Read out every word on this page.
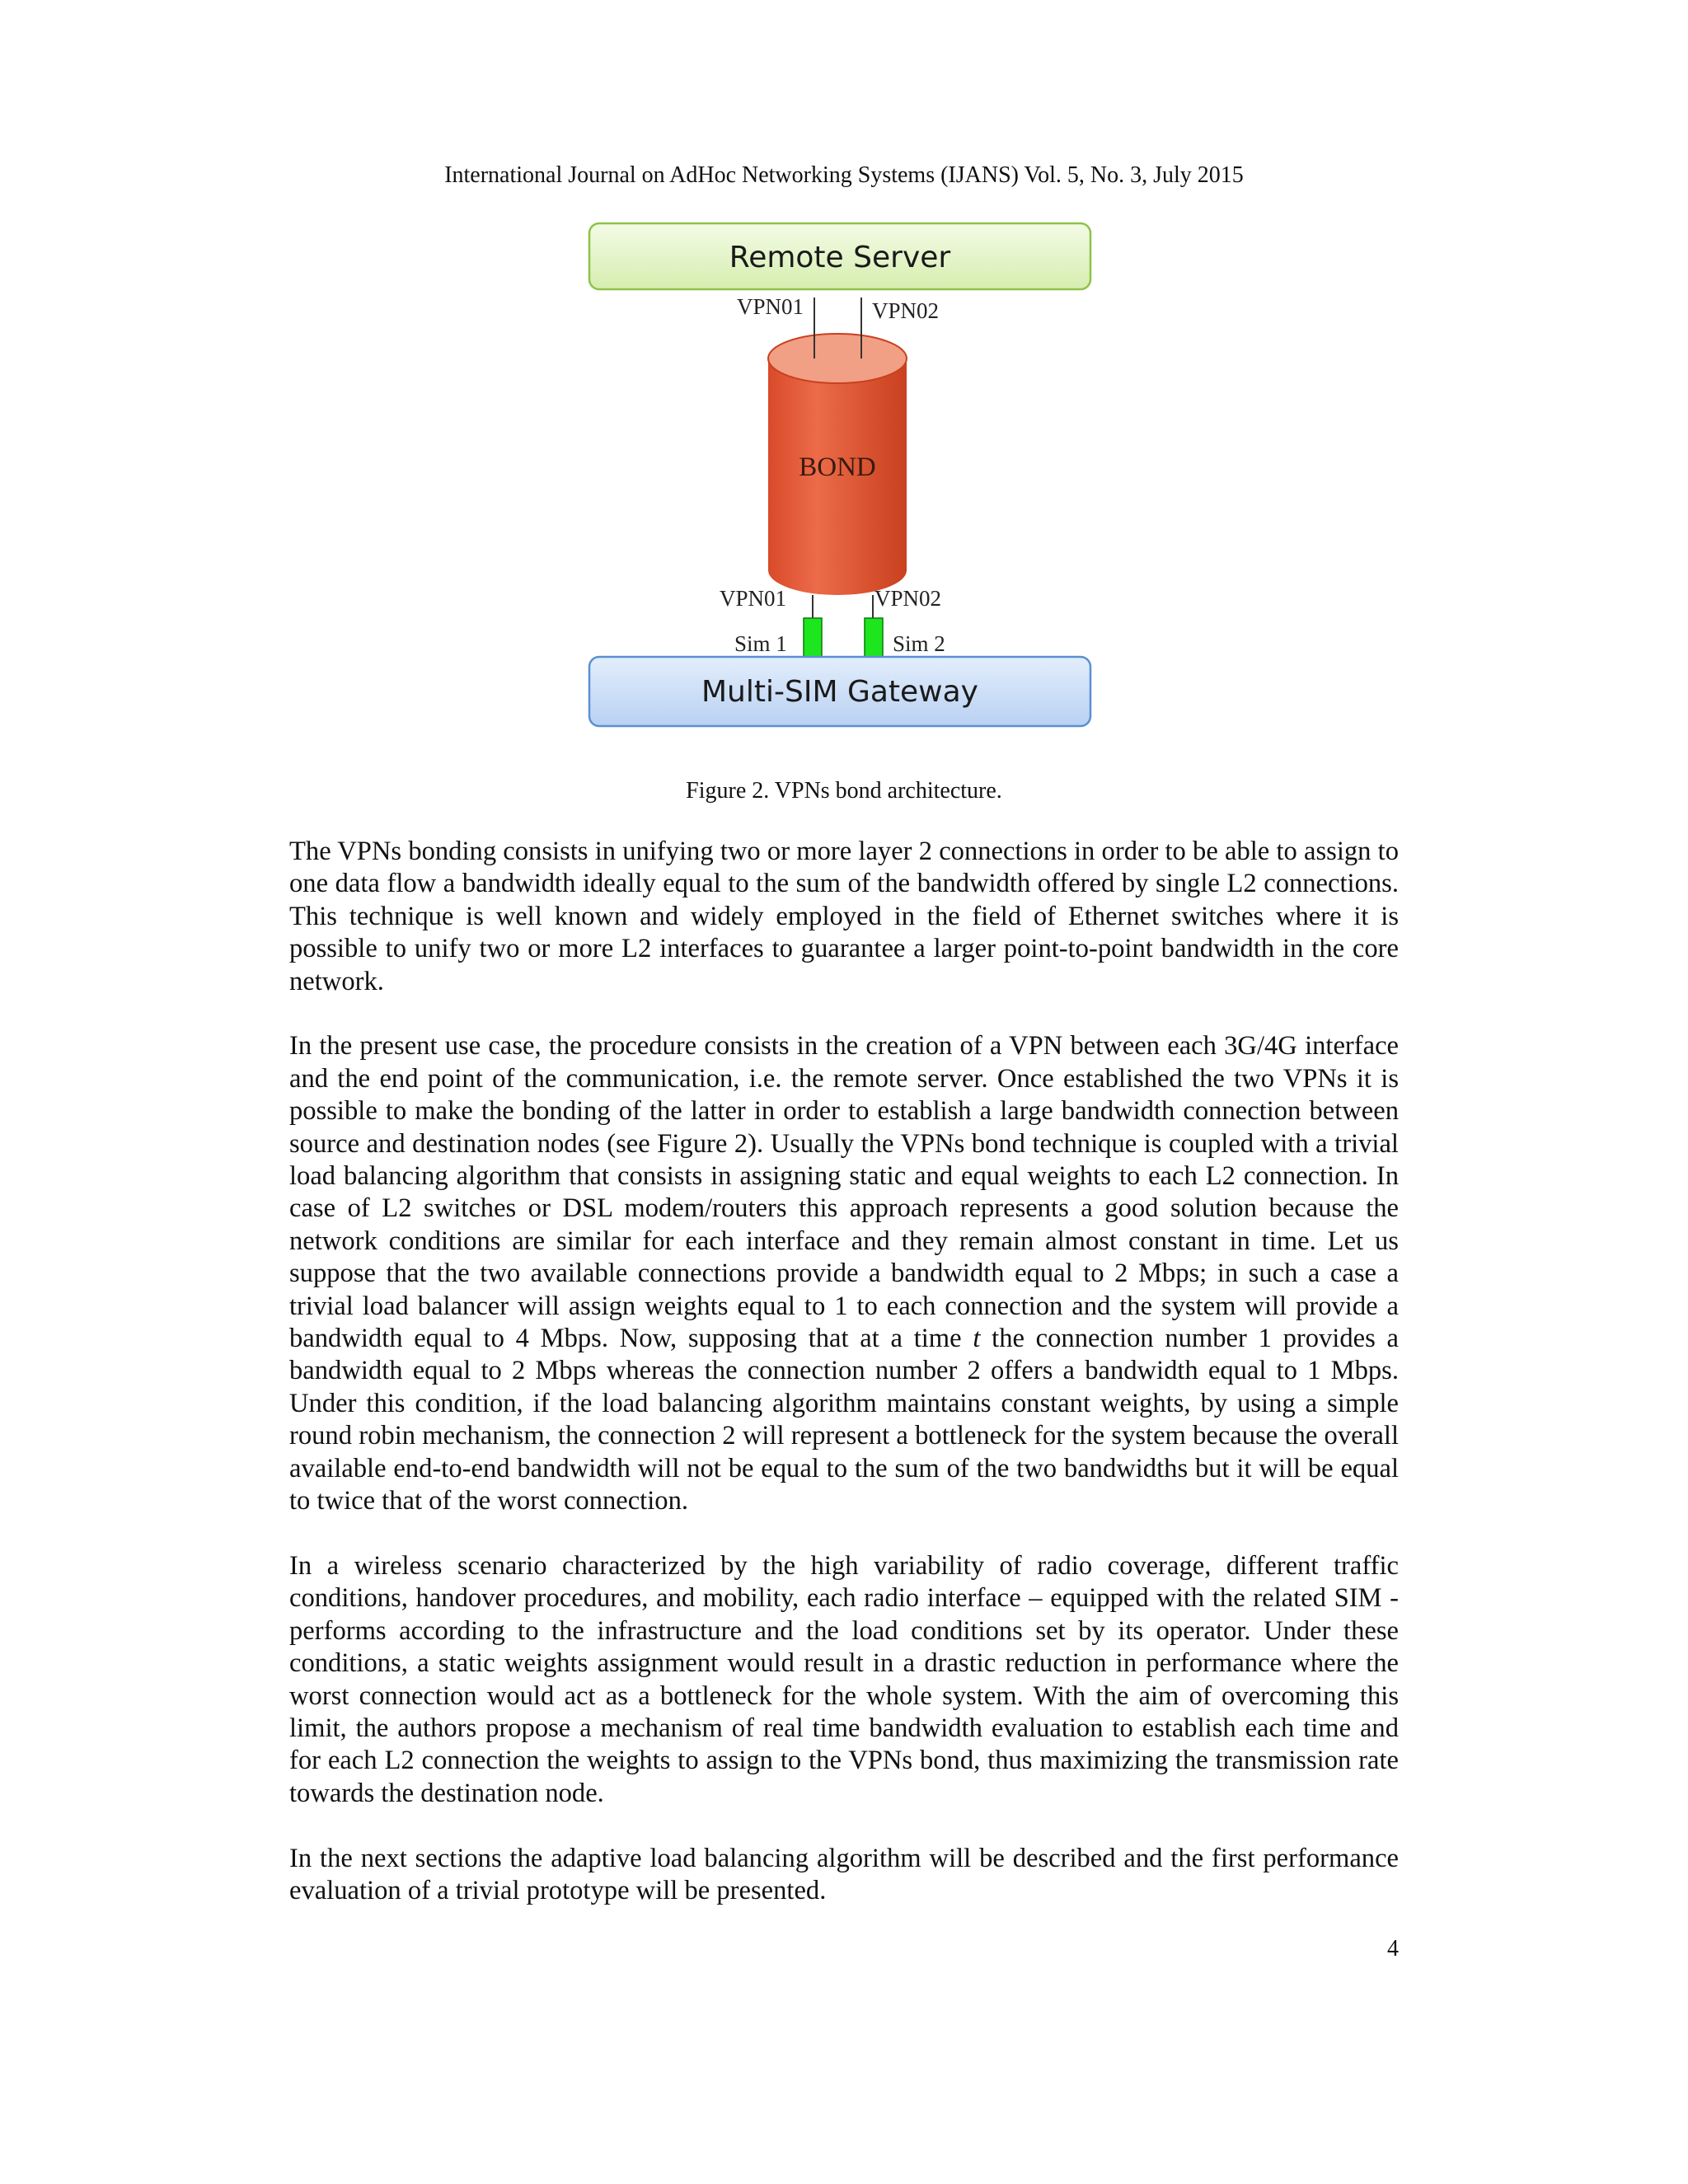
International Journal on AdHoc Networking Systems (IJANS) Vol. 5, No. 3, July 2015
Remote Server
VPN01	VPN02
BOND
VPN01	VPN02
Sim 1	Sim 2
Multi-SIM Gateway
Figure 2. VPNs bond architecture.

The VPNs bonding consists in unifying two or more layer 2 connections in order to be able to assign to one data flow a bandwidth ideally equal to the sum of the bandwidth offered by single L2 connections. This technique is well known and widely employed in the field of Ethernet switches where it is possible to unify two or more L2 interfaces to guarantee a larger point-to-point bandwidth in the core network.

In the present use case, the procedure consists in the creation of a VPN between each 3G/4G interface and the end point of the communication, i.e. the remote server. Once established the two VPNs it is possible to make the bonding of the latter in order to establish a large bandwidth connection between source and destination nodes (see Figure 2). Usually the VPNs bond technique is coupled with a trivial load balancing algorithm that consists in assigning static and equal weights to each L2 connection. In case of L2 switches or DSL modem/routers this approach represents a good solution because the network conditions are similar for each interface and they remain almost constant in time. Let us suppose that the two available connections provide a bandwidth equal to 2 Mbps; in such a case a trivial load balancer will assign weights equal to 1 to each connection and the system will provide a bandwidth equal to 4 Mbps. Now, supposing that at a time t the connection number 1 provides a bandwidth equal to 2 Mbps whereas the connection number 2 offers a bandwidth equal to 1 Mbps. Under this condition, if the load balancing algorithm maintains constant weights, by using a simple round robin mechanism, the connection 2 will represent a bottleneck for the system because the overall available end-to-end bandwidth will not be equal to the sum of the two bandwidths but it will be equal to twice that of the worst connection.

In a wireless scenario characterized by the high variability of radio coverage, different traffic conditions, handover procedures, and mobility, each radio interface – equipped with the related SIM - performs according to the infrastructure and the load conditions set by its operator. Under these conditions, a static weights assignment would result in a drastic reduction in performance where the worst connection would act as a bottleneck for the whole system. With the aim of overcoming this limit, the authors propose a mechanism of real time bandwidth evaluation to establish each time and for each L2 connection the weights to assign to the VPNs bond, thus maximizing the transmission rate towards the destination node.

In the next sections the adaptive load balancing algorithm will be described and the first performance evaluation of a trivial prototype will be presented.

4
